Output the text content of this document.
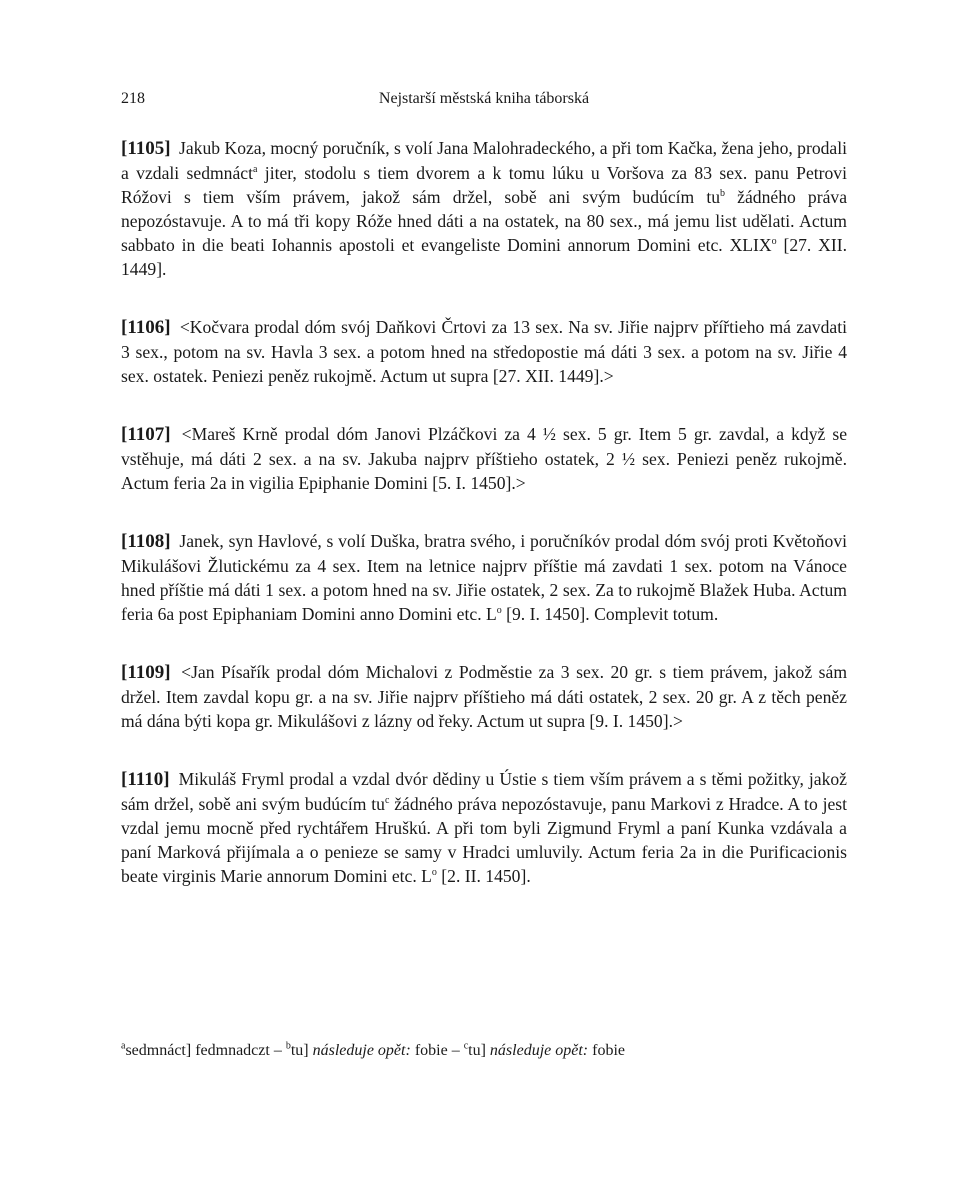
218	Nejstarší městská kniha táborská

[1105] Jakub Koza, mocný poručník, s volí Jana Malohradeckého, a při tom Kačka, žena jeho, prodali a vzdali sedmnáct$^a$ jiter, stodolu s tiem dvorem a k tomu lúku u Voršova za 83 sex. panu Petrovi Róžovi s tiem vším právem, jakož sám držel, sobě ani svým budúcím $tu^b$ žádného práva nepozóstavuje. A to má tři kopy Róže hned dáti a na ostatek, na 80 sex., má jemu list udělati. Actum sabbato in die beati Iohannis apostoli et evangeliste Domini annorum Domini etc. XLIX$^o$ [27. XII. 1449].

[1106] <Kočvara prodal dóm svój Daňkovi Črtovi za 13 sex. Na sv. Jiřie najprv přířtieho má zavdati 3 sex., potom na sv. Havla 3 sex. a potom hned na středopostie má dáti 3 sex. a potom na sv. Jiřie 4 sex. ostatek. Peniezi peněz rukojmě. Actum ut supra [27. XII. 1449].>

[1107] <Mareš Krně prodal dóm Janovi Plzáčkovi za 4 ½ sex. 5 gr. Item 5 gr. zavdal, a když se vstěhuje, má dáti 2 sex. a na sv. Jakuba najprv příštieho ostatek, 2 ½ sex. Peniezi peněz rukojmě. Actum feria 2a in vigilia Epiphanie Domini [5. I. 1450].>

[1108] Janek, syn Havlové, s volí Duška, bratra svého, i poručníkóv prodal dóm svój proti Květoňovi Mikulášovi Žlutickému za 4 sex. Item na letnice najprv příštie má zavdati 1 sex. potom na Vánoce hned příštie má dáti 1 sex. a potom hned na sv. Jiřie ostatek, 2 sex. Za to rukojmě Blažek Huba. Actum feria 6a post Epiphaniam Domini anno Domini etc. $L^o$ [9. I. 1450]. Complevit totum.

[1109] <Jan Písařík prodal dóm Michalovi z Podměstie za 3 sex. 20 gr. s tiem právem, jakož sám držel. Item zavdal kopu gr. a na sv. Jiřie najprv příštieho má dáti ostatek, 2 sex. 20 gr. A z těch peněz má dána býti kopa gr. Mikulášovi z lázny od řeky. Actum ut supra [9. I. 1450].>

[1110] Mikuláš Fryml prodal a vzdal dvór dědiny u Ústie s tiem vším právem a s těmi požitky, jakož sám držel, sobě ani svým budúcím $tu^c$ žádného práva nepozóstavuje, panu Markovi z Hradce. A to jest vzdal jemu mocně před rychtářem Hruškú. A při tom byli Zigmund Fryml a paní Kunka vzdávala a paní Marková přijímala a o penieze se samy v Hradci umluvily. Actum feria 2a in die Purificacionis beate virginis Marie annorum Domini etc. $L^o$ [2. II. 1450].

$^a$sedmnáct] fedmnadczt – $^b$tu] následuje opět: fobie – $^c$tu] následuje opět: fobie
